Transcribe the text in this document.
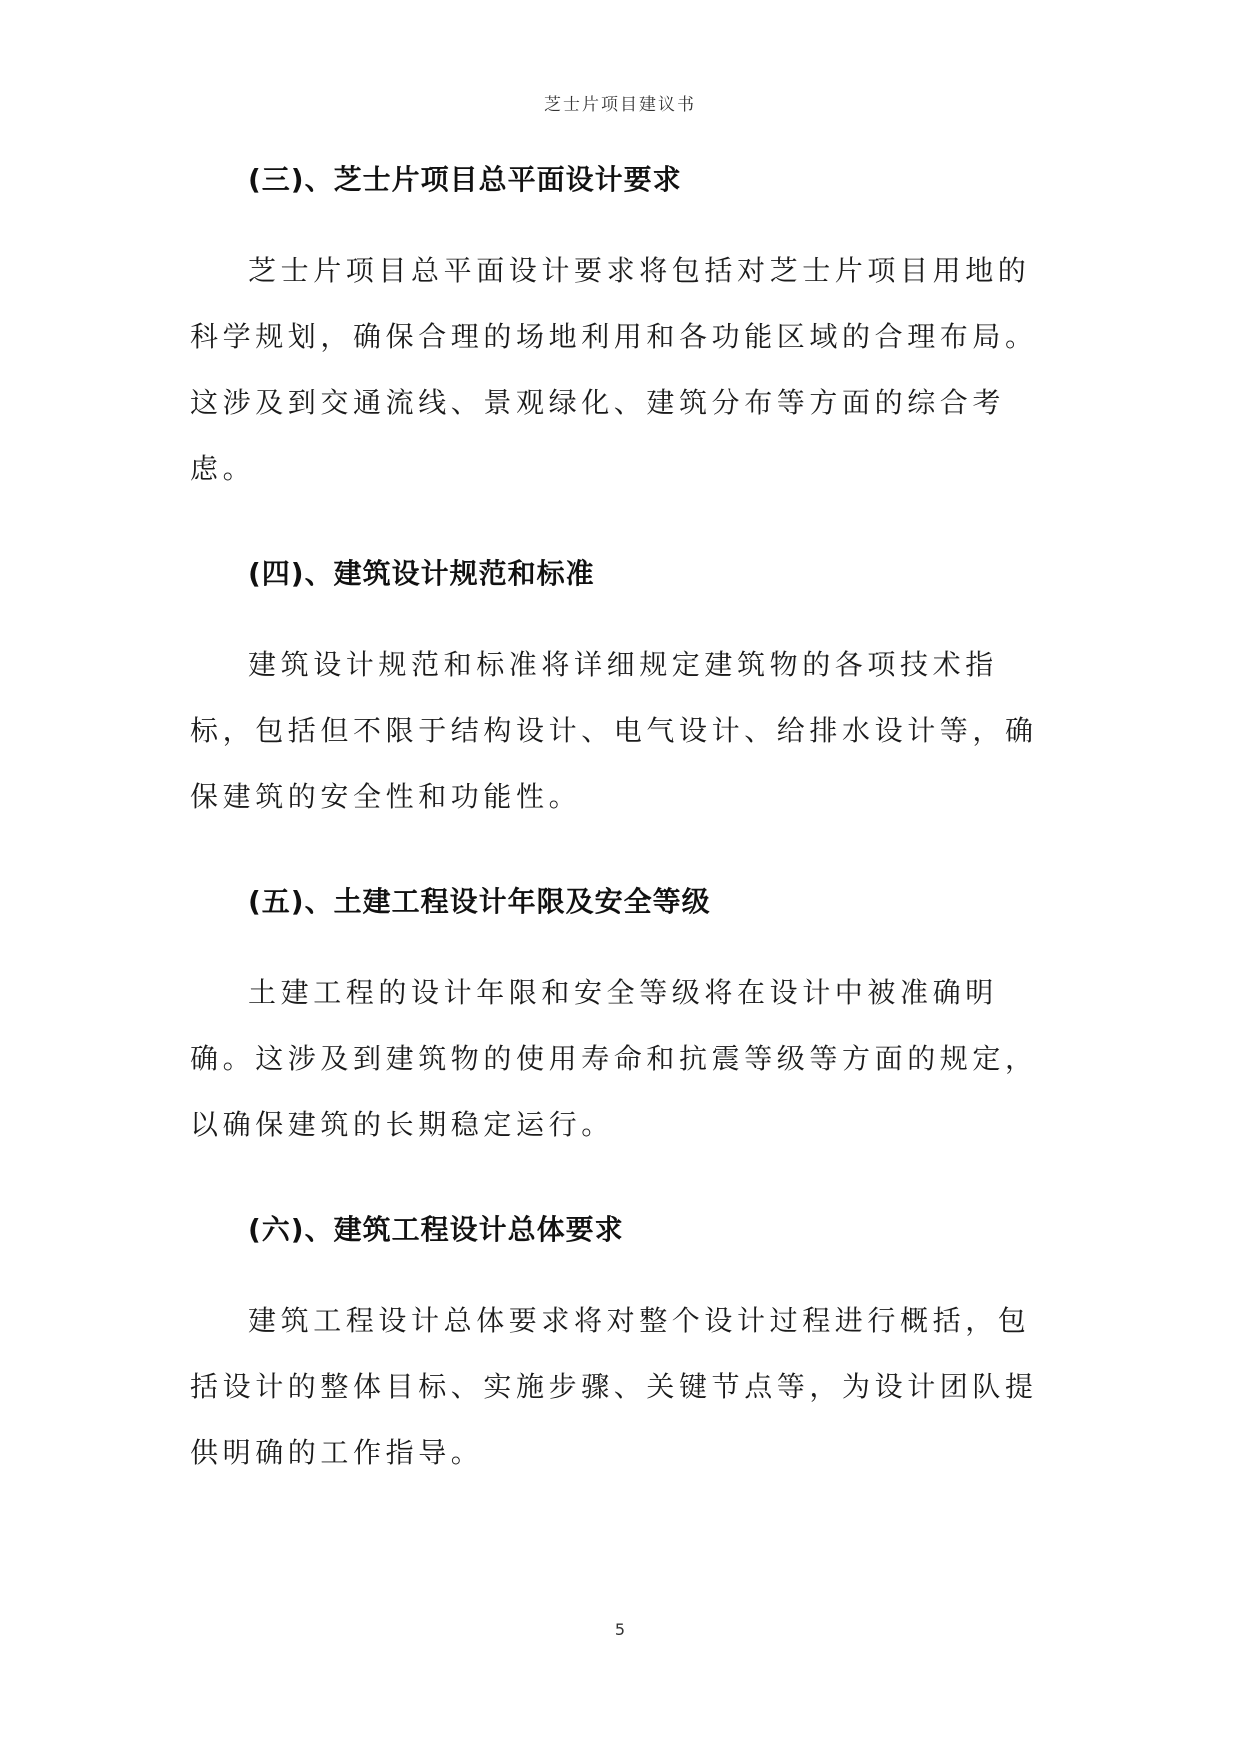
芝士片项目建议书
(三)、芝士片项目总平面设计要求

芝士片项目总平面设计要求将包括对芝士片项目用地的科学规划，确保合理的场地利用和各功能区域的合理布局。这涉及到交通流线、景观绿化、建筑分布等方面的综合考虑。

(四)、建筑设计规范和标准

建筑设计规范和标准将详细规定建筑物的各项技术指标，包括但不限于结构设计、电气设计、给排水设计等，确保建筑的安全性和功能性。

(五)、土建工程设计年限及安全等级

土建工程的设计年限和安全等级将在设计中被准确明确。这涉及到建筑物的使用寿命和抗震等级等方面的规定，以确保建筑的长期稳定运行。

(六)、建筑工程设计总体要求

建筑工程设计总体要求将对整个设计过程进行概括，包括设计的整体目标、实施步骤、关键节点等，为设计团队提供明确的工作指导。

5
